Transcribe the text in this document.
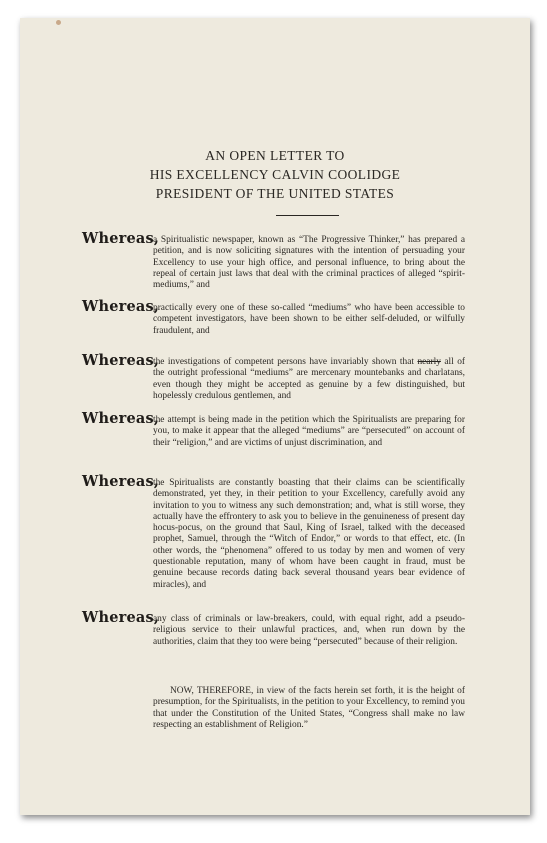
AN OPEN LETTER TO
HIS EXCELLENCY CALVIN COOLIDGE
PRESIDENT OF THE UNITED STATES
Whereas,
a Spiritualistic newspaper, known as “The Progressive Thinker,” has prepared a petition, and is now soliciting signatures with the intention of persuading your Excellency to use your high office, and personal influence, to bring about the repeal of certain just laws that deal with the criminal practices of alleged “spirit-mediums,” and
Whereas,
practically every one of these so-called “mediums” who have been accessible to competent investigators, have been shown to be either self-deluded, or wilfully fraudulent, and
Whereas,
the investigations of competent persons have invariably shown that nearly all of the outright professional “mediums” are mercenary mountebanks and charlatans, even though they might be accepted as genuine by a few distinguished, but hopelessly credulous gentlemen, and
Whereas,
the attempt is being made in the petition which the Spiritualists are preparing for you, to make it appear that the alleged “mediums” are “persecuted” on account of their “religion,” and are victims of unjust discrimination, and
Whereas,
the Spiritualists are constantly boasting that their claims can be scientifically demonstrated, yet they, in their petition to your Excellency, carefully avoid any invitation to you to witness any such demonstration; and, what is still worse, they actually have the effrontery to ask you to believe in the genuineness of present day hocus-pocus, on the ground that Saul, King of Israel, talked with the deceased prophet, Samuel, through the “Witch of Endor,” or words to that effect, etc. (In other words, the “phenomena” offered to us today by men and women of very questionable reputation, many of whom have been caught in fraud, must be genuine because records dating back several thousand years bear evidence of miracles), and
Whereas,
any class of criminals or law-breakers, could, with equal right, add a pseudo-religious service to their unlawful practices, and, when run down by the authorities, claim that they too were being “persecuted” because of their religion.
NOW, THEREFORE, in view of the facts herein set forth, it is the height of presumption, for the Spiritualists, in the petition to your Excellency, to remind you that under the Constitution of the United States, “Congress shall make no law respecting an establishment of Religion.”
